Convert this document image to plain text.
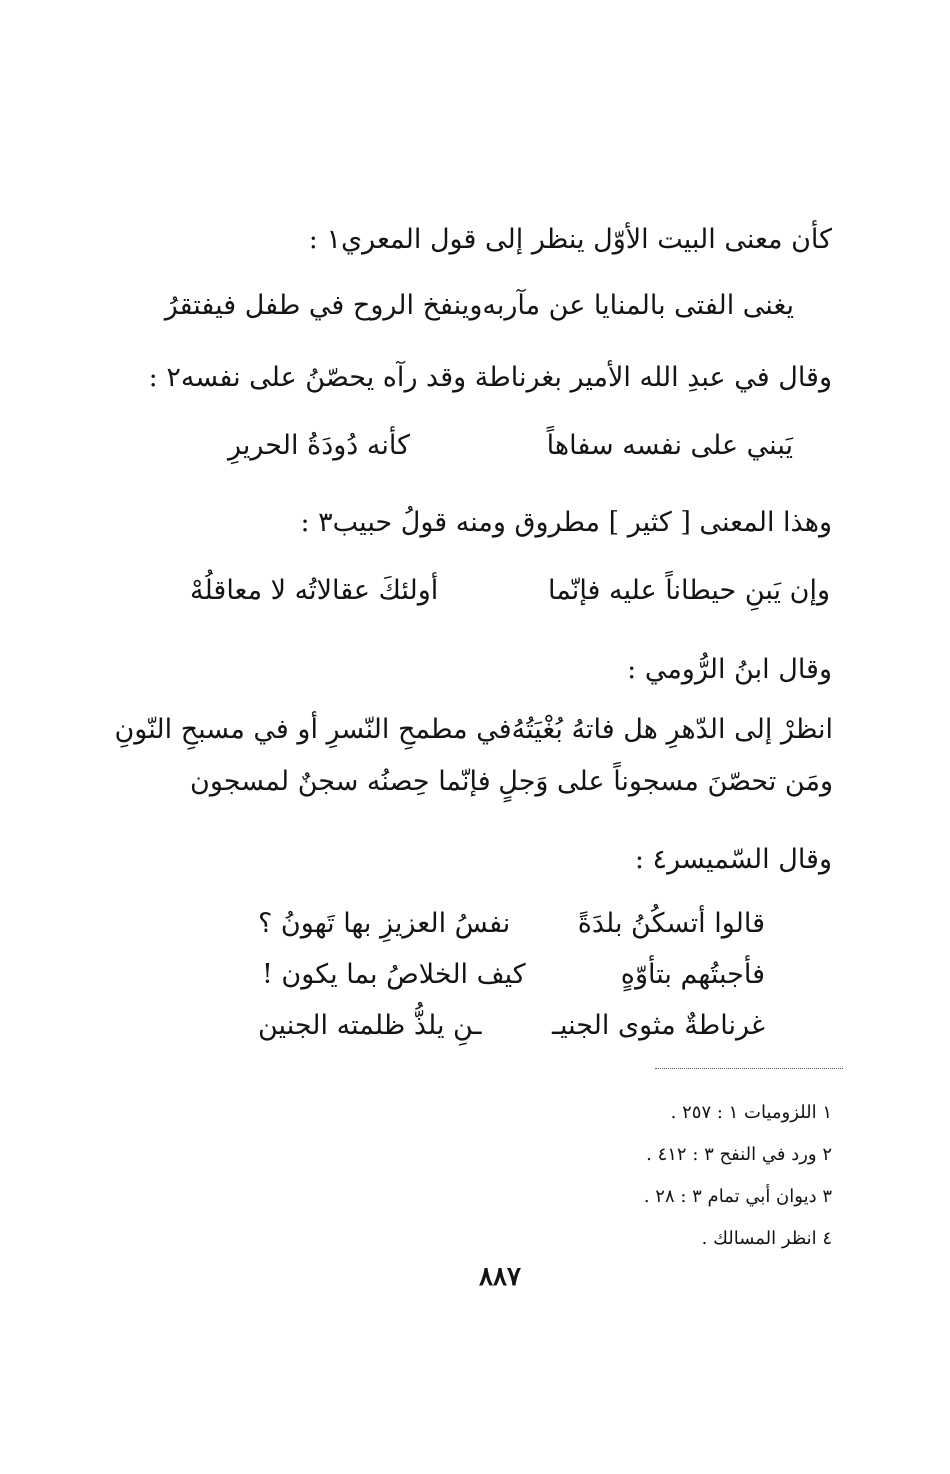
كأن معنى البيت الأوّل ينظر إلى قول المعري١ :
يغنى الفتى بالمنايا عن مآربه
وينفخ الروح في طفل فيفتقرُ
وقال في عبدِ الله الأمير بغرناطة وقد رآه يحصّنُ على نفسه٢ :
يَبني على نفسه سفاهاً
كأنه دُودَةُ الحريرِ
وهذا المعنى [ كثير ] مطروق ومنه قولُ حبيب٣ :
وإن يَبنِ حيطاناً عليه فإنّما
أولئكَ عقالاتُه لا معاقلُهْ
وقال ابنُ الرُّومي :
انظرْ إلى الدّهرِ هل فاتهُ بُغْيَتُهُ
في مطمحِ النّسرِ أو في مسبحِ النّونِ
ومَن تحصّنَ مسجوناً على وَجلٍ
فإنّما حِصنُه سجنٌ لمسجون
وقال السّميسر٤ :
قالوا أتسكُنُ بلدَةً
نفسُ العزيزِ بها تَهونُ ؟
فأجبتُهم بتأوّهٍ
كيف الخلاصُ بما يكون !
غرناطةٌ مثوى الجنيـ
ـنِ يلذُّ ظلمته الجنين
١ اللزوميات ١ : ٢٥٧ .
٢ ورد في النفح ٣ : ٤١٢ .
٣ ديوان أبي تمام ٣ : ٢٨ .
٤ انظر المسالك .
٨٨٧
